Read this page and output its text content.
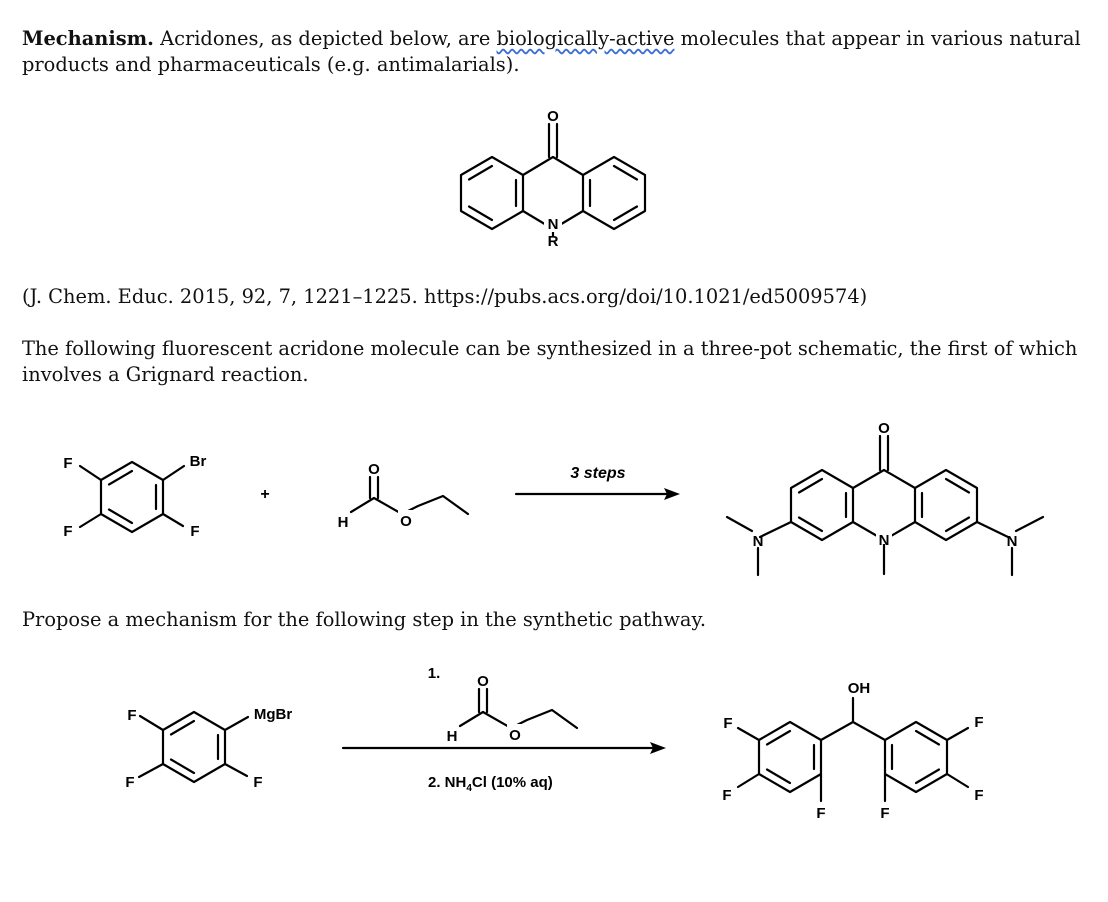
Mechanism. Acridones, as depicted below, are biologically-active molecules that appear in various natural products and pharmaceuticals (e.g. antimalarials).
(J. Chem. Educ. 2015, 92, 7, 1221–1225. https://pubs.acs.org/doi/10.1021/ed5009574)
The following fluorescent acridone molecule can be synthesized in a three-pot schematic, the first of which involves a Grignard reaction.
Propose a mechanism for the following step in the synthetic pathway.
O
N
R
F
F
Br
F
+
O
H	O
3 steps
O
N
N	N
F
F
MgBr
F
O
H	O
1.
2. $NH_4Cl$ (10% aq)
OH
F
F
F
F
F
F
